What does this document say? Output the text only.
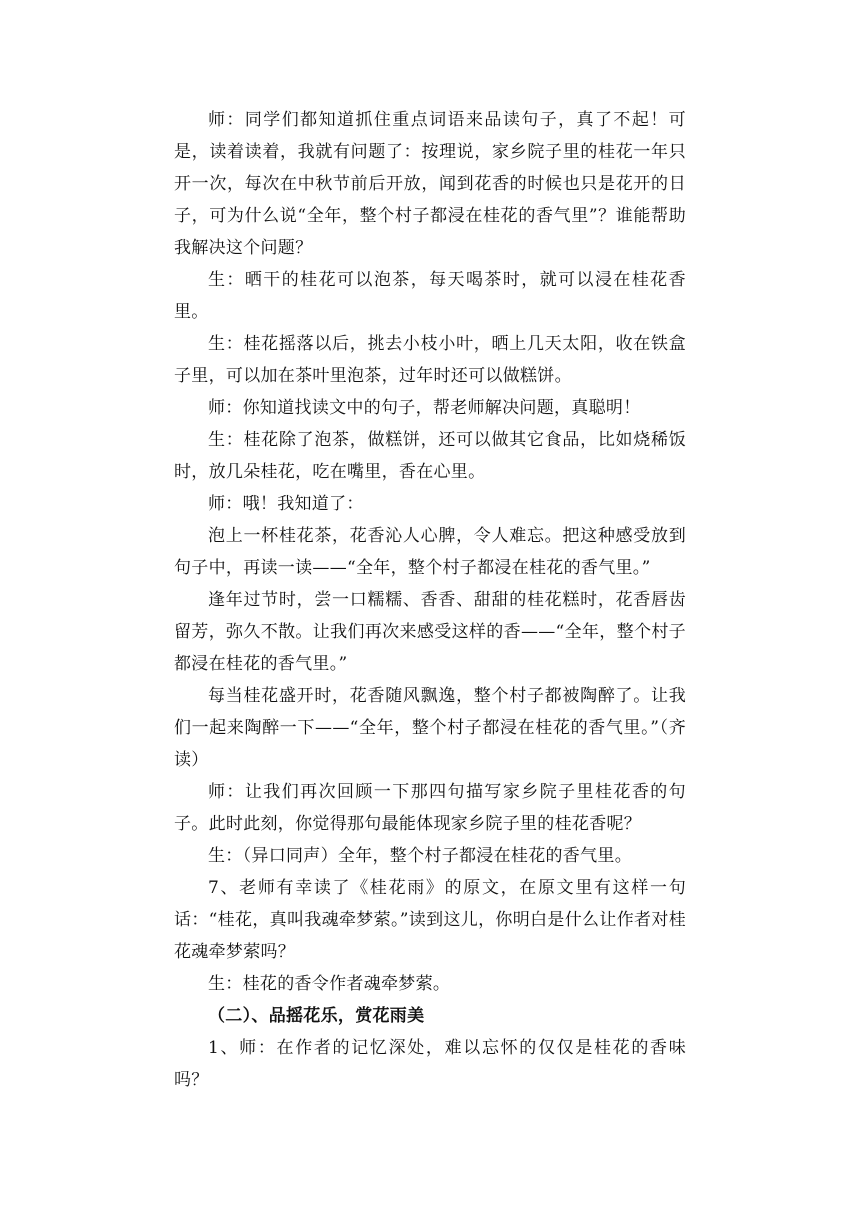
师：同学们都知道抓住重点词语来品读句子，真了不起！可是，读着读着，我就有问题了：按理说，家乡院子里的桂花一年只开一次，每次在中秋节前后开放，闻到花香的时候也只是花开的日子，可为什么说“全年，整个村子都浸在桂花的香气里”？谁能帮助我解决这个问题？

生：晒干的桂花可以泡茶，每天喝茶时，就可以浸在桂花香里。

生：桂花摇落以后，挑去小枝小叶，晒上几天太阳，收在铁盒子里，可以加在茶叶里泡茶，过年时还可以做糕饼。

师：你知道找读文中的句子，帮老师解决问题，真聪明！

生：桂花除了泡茶，做糕饼，还可以做其它食品，比如烧稀饭时，放几朵桂花，吃在嘴里，香在心里。

师：哦！我知道了：

泡上一杯桂花茶，花香沁人心脾，令人难忘。把这种感受放到句子中，再读一读——“全年，整个村子都浸在桂花的香气里。”

逢年过节时，尝一口糯糯、香香、甜甜的桂花糕时，花香唇齿留芳，弥久不散。让我们再次来感受这样的香——“全年，整个村子都浸在桂花的香气里。”

每当桂花盛开时，花香随风飘逸，整个村子都被陶醉了。让我们一起来陶醉一下——“全年，整个村子都浸在桂花的香气里。”（齐读）

师：让我们再次回顾一下那四句描写家乡院子里桂花香的句子。此时此刻，你觉得那句最能体现家乡院子里的桂花香呢？

生：（异口同声）全年，整个村子都浸在桂花的香气里。

7、老师有幸读了《桂花雨》的原文，在原文里有这样一句话：“桂花，真叫我魂牵梦萦。”读到这儿，你明白是什么让作者对桂花魂牵梦萦吗？

生：桂花的香令作者魂牵梦萦。

（二）、品摇花乐，赏花雨美

1、师：在作者的记忆深处，难以忘怀的仅仅是桂花的香味吗？
